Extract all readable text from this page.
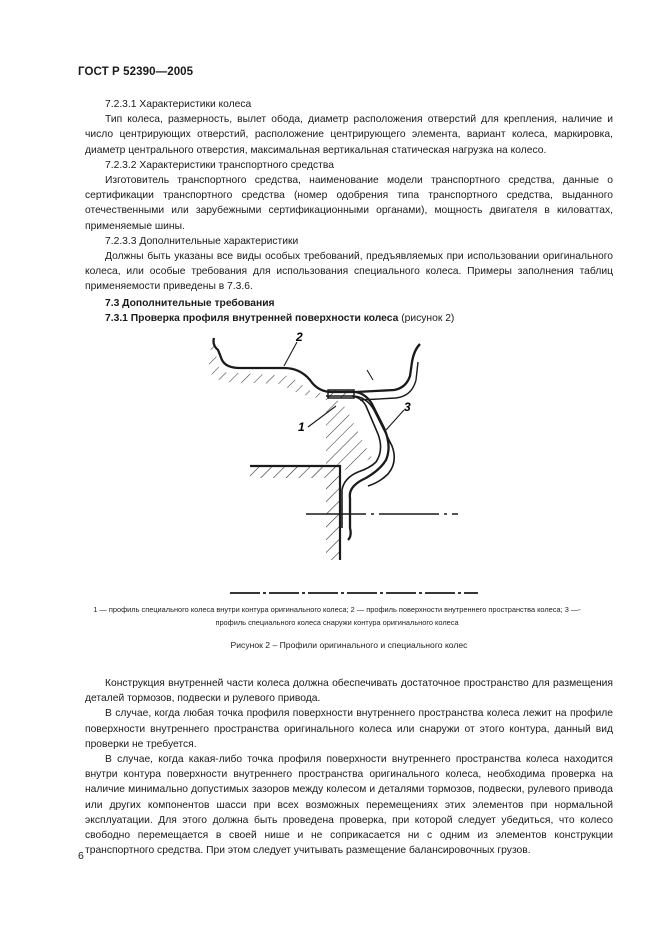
ГОСТ Р 52390—2005

7.2.3.1 Характеристики колеса

Тип колеса, размерность, вылет обода, диаметр расположения отверстий для крепления, наличие и число центрирующих отверстий, расположение центрирующего элемента, вариант колеса, маркировка, диаметр центрального отверстия, максимальная вертикальная статическая нагрузка на колесо.

7.2.3.2 Характеристики транспортного средства

Изготовитель транспортного средства, наименование модели транспортного средства, данные о сертификации транспортного средства (номер одобрения типа транспортного средства, выданного отечественными или зарубежными сертификационными органами), мощность двигателя в киловаттах, применяемые шины.

7.2.3.3 Дополнительные характеристики

Должны быть указаны все виды особых требований, предъявляемых при использовании оригинального колеса, или особые требования для использования специального колеса. Примеры заполнения таблиц применяемости приведены в 7.3.6.

7.3 Дополнительные требования

7.3.1 Проверка профиля внутренней поверхности колеса (рисунок 2)

2
1
3
1 — профиль специального колеса внутри контура оригинального колеса; 2 — профиль поверхности внутреннего пространства колеса; 3 —- профиль специального колеса снаружи контура оригинального колеса
Рисунок 2 – Профили оригинального и специального колес

Конструкция внутренней части колеса должна обеспечивать достаточное пространство для размещения деталей тормозов, подвески и рулевого привода.

В случае, когда любая точка профиля поверхности внутреннего пространства колеса лежит на профиле поверхности внутреннего пространства оригинального колеса или снаружи от этого контура, данный вид проверки не требуется.

В случае, когда какая-либо точка профиля поверхности внутреннего пространства колеса находится внутри контура поверхности внутреннего пространства оригинального колеса, необходима проверка на наличие минимально допустимых зазоров между колесом и деталями тормозов, подвески, рулевого привода или других компонентов шасси при всех возможных перемещениях этих элементов при нормальной эксплуатации. Для этого должна быть проведена проверка, при которой следует убедиться, что колесо свободно перемещается в своей нише и не соприкасается ни с одним из элементов конструкции транспортного средства. При этом следует учитывать размещение балансировочных грузов.

6
